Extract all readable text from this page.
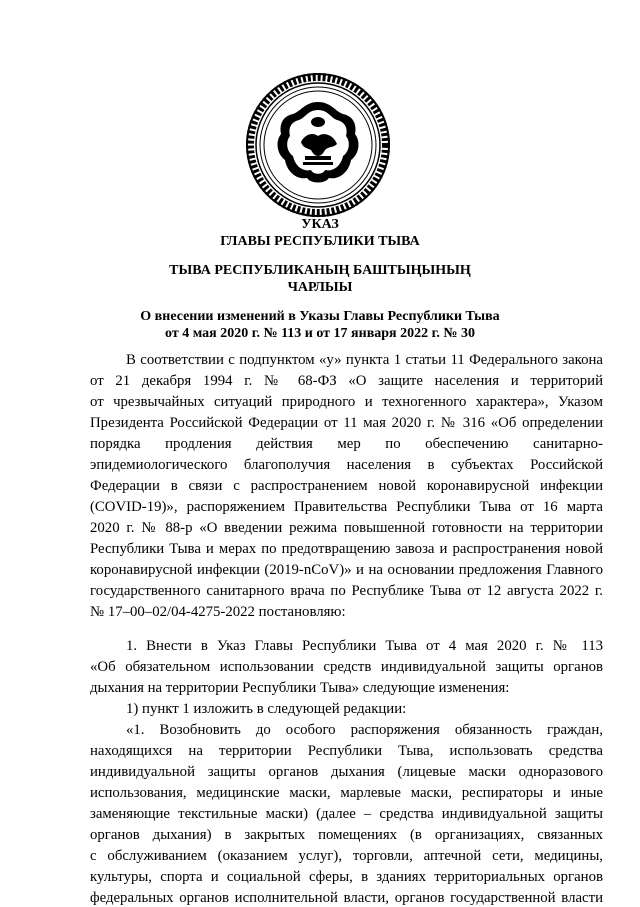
УКАЗ
ГЛАВЫ РЕСПУБЛИКИ ТЫВА
ТЫВА РЕСПУБЛИКАНЫҢ БАШТЫҢЫНЫҢ
ЧАРЛЫЫ
О внесении изменений в Указы Главы Республики Тыва
от 4 мая 2020 г. № 113 и от 17 января 2022 г. № 30
В соответствии с подпунктом «у» пункта 1 статьи 11 Федерального закона
от 21 декабря 1994 г. № 68-ФЗ «О защите населения и территорий
от чрезвычайных ситуаций природного и техногенного характера», Указом
Президента Российской Федерации от 11 мая 2020 г. № 316 «Об определении
порядка продления действия мер по обеспечению санитарно-
эпидемиологического благополучия населения в субъектах Российской
Федерации в связи с распространением новой коронавирусной инфекции
(COVID-19)», распоряжением Правительства Республики Тыва от 16 марта
2020 г. № 88-р «О введении режима повышенной готовности на территории
Республики Тыва и мерах по предотвращению завоза и распространения новой
коронавирусной инфекции (2019-nCoV)» и на основании предложения Главного
государственного санитарного врача по Республике Тыва от 12 августа 2022 г.
№ 17–00–02/04-4275-2022 постановляю:
1. Внести в Указ Главы Республики Тыва от 4 мая 2020 г. № 113
«Об обязательном использовании средств индивидуальной защиты органов
дыхания на территории Республики Тыва» следующие изменения:
1) пункт 1 изложить в следующей редакции:
«1. Возобновить до особого распоряжения обязанность граждан,
находящихся на территории Республики Тыва, использовать средства
индивидуальной защиты органов дыхания (лицевые маски одноразового
использования, медицинские маски, марлевые маски, респираторы и иные
заменяющие текстильные маски) (далее – средства индивидуальной защиты
органов дыхания) в закрытых помещениях (в организациях, связанных
с обслуживанием (оказанием услуг), торговли, аптечной сети, медицины,
культуры, спорта и социальной сферы, в зданиях территориальных органов
федеральных органов исполнительной власти, органов государственной власти
